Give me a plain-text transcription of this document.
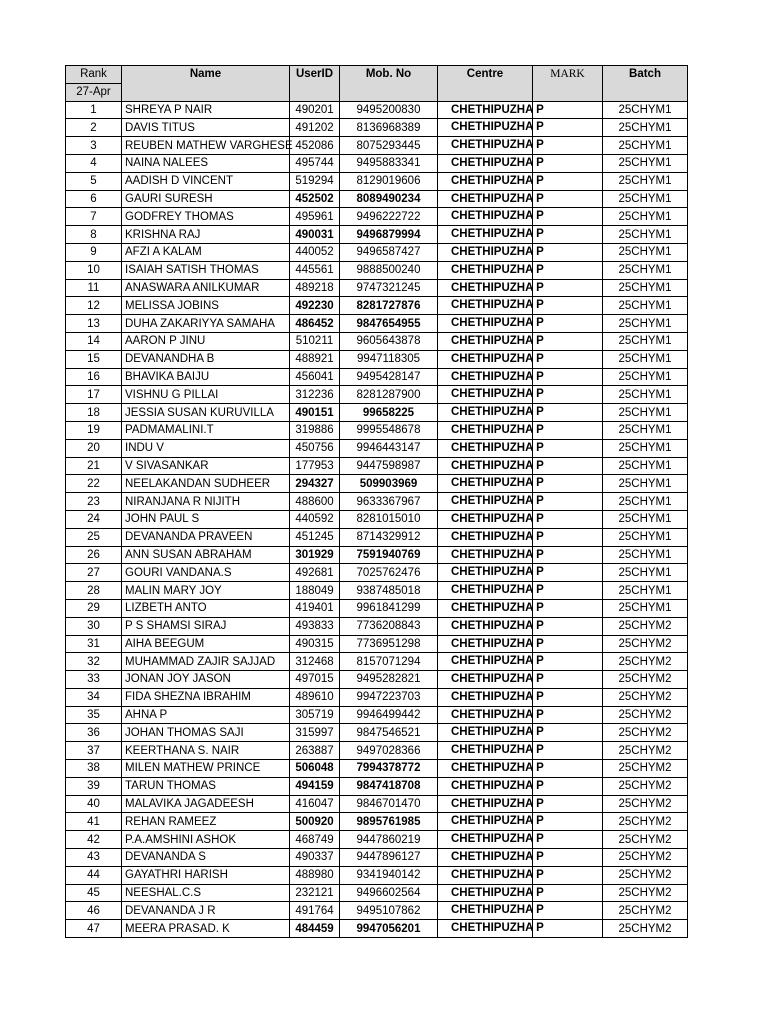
Rank	Name	UserID	Mob. No	Centre	MARK	Batch
27-Apr						
1	SHREYA P NAIR	490201	9495200830	CHETHIPUZHA P		25CHYM1
2	DAVIS TITUS	491202	8136968389	CHETHIPUZHA P		25CHYM1
3	REUBEN MATHEW VARGHESE	452086	8075293445	CHETHIPUZHA P		25CHYM1
4	NAINA NALEES	495744	9495883341	CHETHIPUZHA P		25CHYM1
5	AADISH D VINCENT	519294	8129019606	CHETHIPUZHA P		25CHYM1
6	GAURI SURESH	452502	8089490234	CHETHIPUZHA P		25CHYM1
7	GODFREY THOMAS	495961	9496222722	CHETHIPUZHA P		25CHYM1
8	KRISHNA RAJ	490031	9496879994	CHETHIPUZHA P		25CHYM1
9	AFZI A KALAM	440052	9496587427	CHETHIPUZHA P		25CHYM1
10	ISAIAH SATISH THOMAS	445561	9888500240	CHETHIPUZHA P		25CHYM1
11	ANASWARA ANILKUMAR	489218	9747321245	CHETHIPUZHA P		25CHYM1
12	MELISSA JOBINS	492230	8281727876	CHETHIPUZHA P		25CHYM1
13	DUHA ZAKARIYYA SAMAHA	486452	9847654955	CHETHIPUZHA P		25CHYM1
14	AARON P JINU	510211	9605643878	CHETHIPUZHA P		25CHYM1
15	DEVANANDHA B	488921	9947118305	CHETHIPUZHA P		25CHYM1
16	BHAVIKA BAIJU	456041	9495428147	CHETHIPUZHA P		25CHYM1
17	VISHNU G PILLAI	312236	8281287900	CHETHIPUZHA P		25CHYM1
18	JESSIA SUSAN KURUVILLA	490151	99658225	CHETHIPUZHA P		25CHYM1
19	PADMAMALINI.T	319886	9995548678	CHETHIPUZHA P		25CHYM1
20	INDU V	450756	9946443147	CHETHIPUZHA P		25CHYM1
21	V SIVASANKAR	177953	9447598987	CHETHIPUZHA P		25CHYM1
22	NEELAKANDAN SUDHEER	294327	509903969	CHETHIPUZHA P		25CHYM1
23	NIRANJANA R NIJITH	488600	9633367967	CHETHIPUZHA P		25CHYM1
24	JOHN PAUL S	440592	8281015010	CHETHIPUZHA P		25CHYM1
25	DEVANANDA PRAVEEN	451245	8714329912	CHETHIPUZHA P		25CHYM1
26	ANN SUSAN ABRAHAM	301929	7591940769	CHETHIPUZHA P		25CHYM1
27	GOURI VANDANA.S	492681	7025762476	CHETHIPUZHA P		25CHYM1
28	MALIN MARY JOY	188049	9387485018	CHETHIPUZHA P		25CHYM1
29	LIZBETH ANTO	419401	9961841299	CHETHIPUZHA P		25CHYM1
30	P S SHAMSI SIRAJ	493833	7736208843	CHETHIPUZHA P		25CHYM2
31	AIHA BEEGUM	490315	7736951298	CHETHIPUZHA P		25CHYM2
32	MUHAMMAD ZAJIR SAJJAD	312468	8157071294	CHETHIPUZHA P		25CHYM2
33	JONAN JOY JASON	497015	9495282821	CHETHIPUZHA P		25CHYM2
34	FIDA SHEZNA IBRAHIM	489610	9947223703	CHETHIPUZHA P		25CHYM2
35	AHNA P	305719	9946499442	CHETHIPUZHA P		25CHYM2
36	JOHAN THOMAS SAJI	315997	9847546521	CHETHIPUZHA P		25CHYM2
37	KEERTHANA S. NAIR	263887	9497028366	CHETHIPUZHA P		25CHYM2
38	MILEN MATHEW PRINCE	506048	7994378772	CHETHIPUZHA P		25CHYM2
39	TARUN THOMAS	494159	9847418708	CHETHIPUZHA P		25CHYM2
40	MALAVIKA JAGADEESH	416047	9846701470	CHETHIPUZHA P		25CHYM2
41	REHAN RAMEEZ	500920	9895761985	CHETHIPUZHA P		25CHYM2
42	P.A.AMSHINI ASHOK	468749	9447860219	CHETHIPUZHA P		25CHYM2
43	DEVANANDA S	490337	9447896127	CHETHIPUZHA P		25CHYM2
44	GAYATHRI HARISH	488980	9341940142	CHETHIPUZHA P		25CHYM2
45	NEESHAL.C.S	232121	9496602564	CHETHIPUZHA P		25CHYM2
46	DEVANANDA J R	491764	9495107862	CHETHIPUZHA P		25CHYM2
47	MEERA PRASAD. K	484459	9947056201	CHETHIPUZHA P		25CHYM2
